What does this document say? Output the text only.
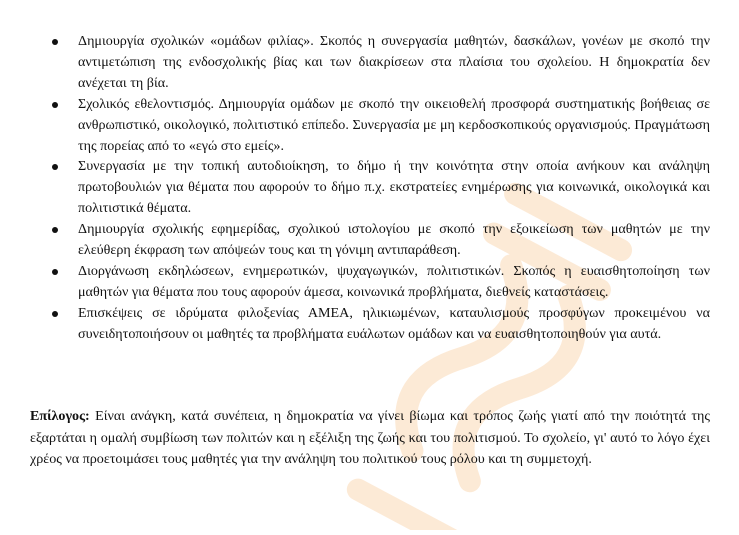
Δημιουργία σχολικών «ομάδων φιλίας». Σκοπός η συνεργασία μαθητών, δασκάλων, γονέων με σκοπό την αντιμετώπιση της ενδοσχολικής βίας και των διακρίσεων στα πλαίσια του σχολείου. Η δημοκρατία δεν ανέχεται τη βία.
Σχολικός εθελοντισμός. Δημιουργία ομάδων με σκοπό την οικειοθελή προσφορά συστηματικής βοήθειας σε ανθρωπιστικό, οικολογικό, πολιτιστικό επίπεδο. Συνεργασία με μη κερδοσκοπικούς οργανισμούς. Πραγμάτωση της πορείας από το «εγώ στο εμείς».
Συνεργασία με την τοπική αυτοδιοίκηση, το δήμο ή την κοινότητα στην οποία ανήκουν και ανάληψη πρωτοβουλιών για θέματα που αφορούν το δήμο π.χ. εκστρατείες ενημέρωσης για κοινωνικά, οικολογικά και πολιτιστικά θέματα.
Δημιουργία σχολικής εφημερίδας, σχολικού ιστολογίου με σκοπό την εξοικείωση των μαθητών με την ελεύθερη έκφραση των απόψεών τους και τη γόνιμη αντιπαράθεση.
Διοργάνωση εκδηλώσεων, ενημερωτικών, ψυχαγωγικών, πολιτιστικών. Σκοπός η ευαισθητοποίηση των μαθητών για θέματα που τους αφορούν άμεσα, κοινωνικά προβλήματα, διεθνείς καταστάσεις.
Επισκέψεις σε ιδρύματα φιλοξενίας ΑΜΕΑ, ηλικιωμένων, καταυλισμούς προσφύγων προκειμένου να συνειδητοποιήσουν οι μαθητές τα προβλήματα ευάλωτων ομάδων και να ευαισθητοποιηθούν για αυτά.

Επίλογος: Είναι ανάγκη, κατά συνέπεια, η δημοκρατία να γίνει βίωμα και τρόπος ζωής γιατί από την ποιότητά της εξαρτάται η ομαλή συμβίωση των πολιτών και η εξέλιξη της ζωής και του πολιτισμού. Το σχολείο, γι' αυτό το λόγο έχει χρέος να προετοιμάσει τους μαθητές για την ανάληψη του πολιτικού τους ρόλου και τη συμμετοχή.
